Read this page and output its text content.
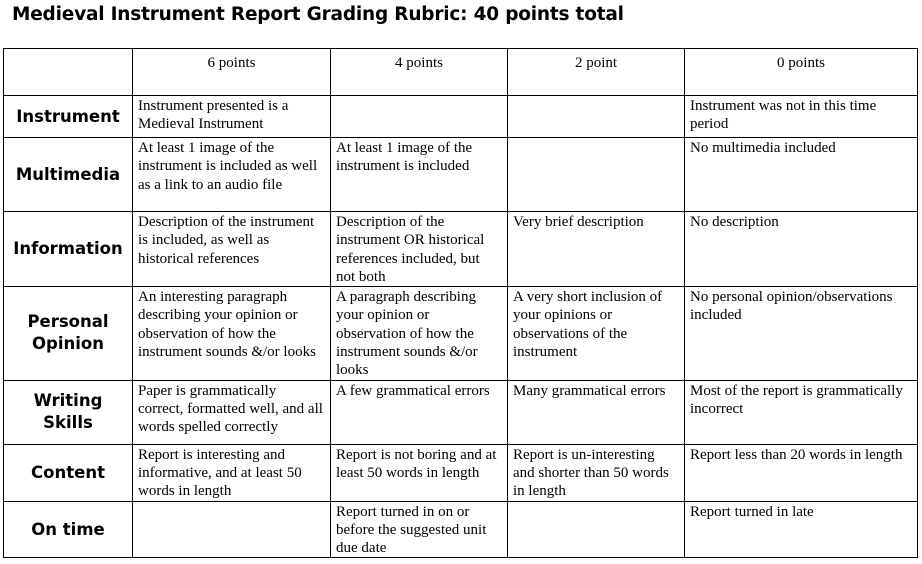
Medieval Instrument Report Grading Rubric: 40 points total
	6 points	4 points	2 point	0 points
Instrument	Instrument presented is a Medieval Instrument			Instrument was not in this time period
Multimedia	At least 1 image of the instrument is included as well as a link to an audio file	At least 1 image of the instrument is included		No multimedia included
Information	Description of the instrument is included, as well as historical references	Description of the instrument OR historical references included, but not both	Very brief description	No description
Personal Opinion	An interesting paragraph describing your opinion or observation of how the instrument sounds &/or looks	A paragraph describing your opinion or observation of how the instrument sounds &/or looks	A very short inclusion of your opinions or observations of the instrument	No personal opinion/observations included
Writing Skills	Paper is grammatically correct, formatted well, and all words spelled correctly	A few grammatical errors	Many grammatical errors	Most of the report is grammatically incorrect
Content	Report is interesting and informative, and at least 50 words in length	Report is not boring and at least 50 words in length	Report is un-interesting and shorter than 50 words in length	Report less than 20 words in length
On time		Report turned in on or before the suggested unit due date		Report turned in late
